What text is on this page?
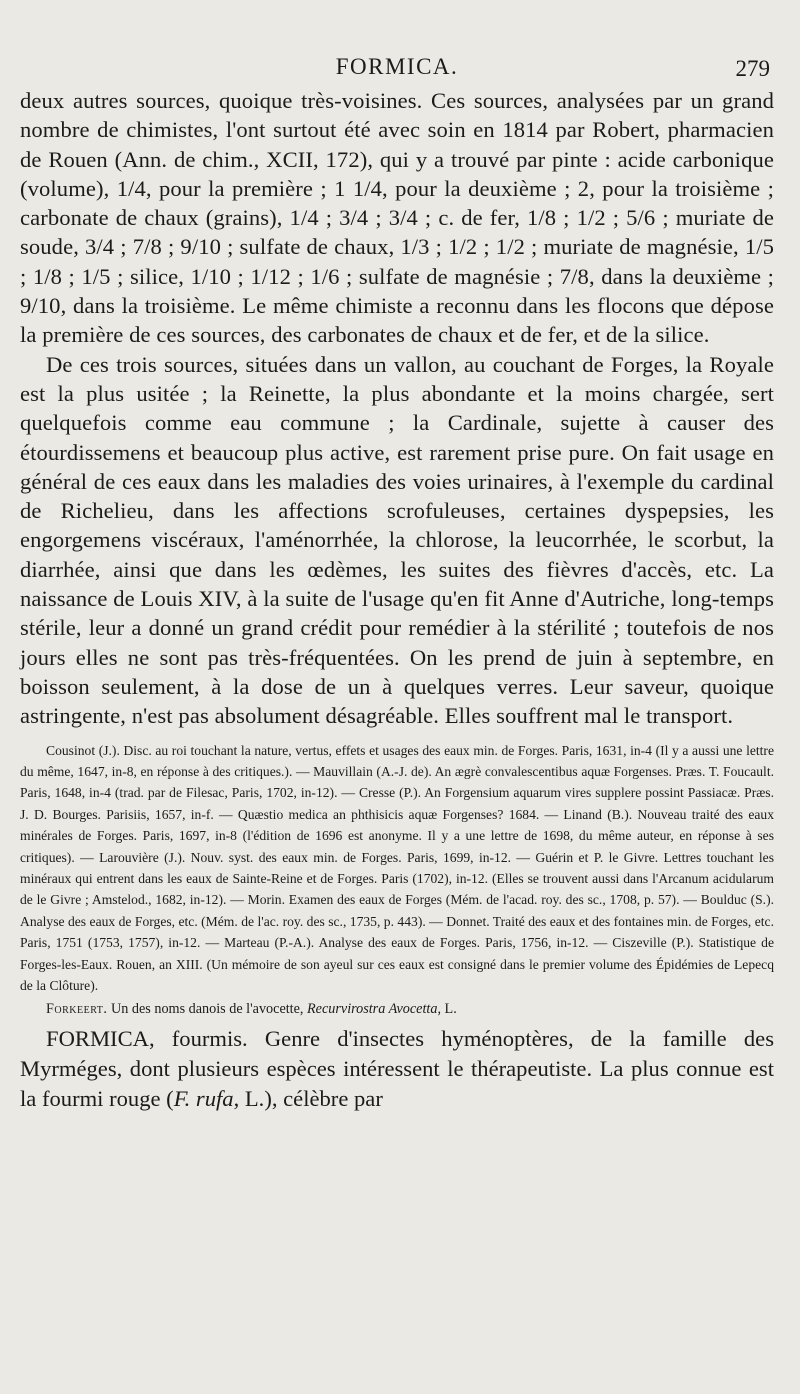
FORMICA.	279

deux autres sources, quoique très-voisines. Ces sources, analysées par un grand nombre de chimistes, l'ont surtout été avec soin en 1814 par Robert, pharmacien de Rouen (Ann. de chim., XCII, 172), qui y a trouvé par pinte : acide carbonique (volume), 1/4, pour la première ; 1 1/4, pour la deuxième ; 2, pour la troisième ; carbonate de chaux (grains), 1/4 ; 3/4 ; 3/4 ; c. de fer, 1/8 ; 1/2 ; 5/6 ; muriate de soude, 3/4 ; 7/8 ; 9/10 ; sulfate de chaux, 1/3 ; 1/2 ; 1/2 ; muriate de magnésie, 1/5 ; 1/8 ; 1/5 ; silice, 1/10 ; 1/12 ; 1/6 ; sulfate de magnésie ; 7/8, dans la deuxième ; 9/10, dans la troisième. Le même chimiste a reconnu dans les flocons que dépose la première de ces sources, des carbonates de chaux et de fer, et de la silice.

De ces trois sources, situées dans un vallon, au couchant de Forges, la Royale est la plus usitée ; la Reinette, la plus abondante et la moins chargée, sert quelquefois comme eau commune ; la Cardinale, sujette à causer des étourdissemens et beaucoup plus active, est rarement prise pure. On fait usage en général de ces eaux dans les maladies des voies urinaires, à l'exemple du cardinal de Richelieu, dans les affections scrofuleuses, certaines dyspepsies, les engorgemens viscéraux, l'aménorrhée, la chlorose, la leucorrhée, le scorbut, la diarrhée, ainsi que dans les œdèmes, les suites des fièvres d'accès, etc. La naissance de Louis XIV, à la suite de l'usage qu'en fit Anne d'Autriche, long-temps stérile, leur a donné un grand crédit pour remédier à la stérilité ; toutefois de nos jours elles ne sont pas très-fréquentées. On les prend de juin à septembre, en boisson seulement, à la dose de un à quelques verres. Leur saveur, quoique astringente, n'est pas absolument désagréable. Elles souffrent mal le transport.

Cousinot (J.). Disc. au roi touchant la nature, vertus, effets et usages des eaux min. de Forges. Paris, 1631, in-4 (Il y a aussi une lettre du même, 1647, in-8, en réponse à des critiques.). — Mauvillain (A.-J. de). An ægrè convalescentibus aquæ Forgenses. Præs. T. Foucault. Paris, 1648, in-4 (trad. par de Filesac, Paris, 1702, in-12). — Cresse (P.). An Forgensium aquarum vires supplere possint Passiacæ. Præs. J. D. Bourges. Parisiis, 1657, in-f. — Quæstio medica an phthisicis aquæ Forgenses? 1684. — Linand (B.). Nouveau traité des eaux minérales de Forges. Paris, 1697, in-8 (l'édition de 1696 est anonyme. Il y a une lettre de 1698, du même auteur, en réponse à ses critiques). — Larouvière (J.). Nouv. syst. des eaux min. de Forges. Paris, 1699, in-12. — Guérin et P. le Givre. Lettres touchant les minéraux qui entrent dans les eaux de Sainte-Reine et de Forges. Paris (1702), in-12. (Elles se trouvent aussi dans l'Arcanum acidularum de le Givre ; Amstelod., 1682, in-12). — Morin. Examen des eaux de Forges (Mém. de l'acad. roy. des sc., 1708, p. 57). — Boulduc (S.). Analyse des eaux de Forges, etc. (Mém. de l'ac. roy. des sc., 1735, p. 443). — Donnet. Traité des eaux et des fontaines min. de Forges, etc. Paris, 1751 (1753, 1757), in-12. — Marteau (P.-A.). Analyse des eaux de Forges. Paris, 1756, in-12. — Ciszeville (P.). Statistique de Forges-les-Eaux. Rouen, an XIII. (Un mémoire de son ayeul sur ces eaux est consigné dans le premier volume des Épidémies de Lepecq de la Clôture).

Forkeert. Un des noms danois de l'avocette, Recurvirostra Avocetta, L.

FORMICA, fourmis. Genre d'insectes hyménoptères, de la famille des Myrméges, dont plusieurs espèces intéressent le thérapeutiste. La plus connue est la fourmi rouge (F. rufa, L.), célèbre par
